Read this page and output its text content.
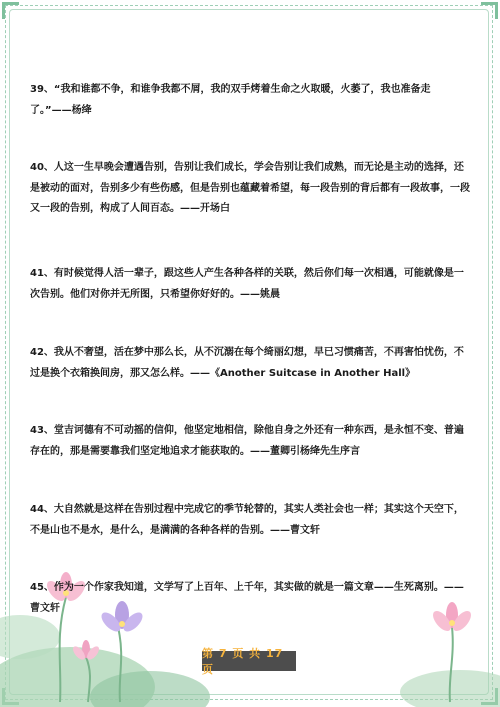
39、“我和谁都不争，和谁争我都不屑，我的双手烤着生命之火取暖，火萎了，我也准备走了。”——杨绛
40、人这一生早晚会遭遇告别，告别让我们成长，学会告别让我们成熟，而无论是主动的选择，还是被动的面对，告别多少有些伤感，但是告别也蕴藏着希望，每一段告别的背后都有一段故事，一段又一段的告别，构成了人间百态。——开场白
41、有时候觉得人活一辈子，跟这些人产生各种各样的关联，然后你们每一次相遇，可能就像是一次告别。他们对你并无所图，只希望你好好的。——姚晨
42、我从不奢望，活在梦中那么长，从不沉溺在每个绮丽幻想，早已习惯痛苦，不再害怕忧伤，不过是换个衣箱换间房，那又怎么样。——《Another Suitcase in Another Hall》
43、堂吉诃德有不可动摇的信仰，他坚定地相信，除他自身之外还有一种东西，是永恒不变、普遍存在的，那是需要靠我们坚定地追求才能获取的。——董卿引杨绛先生序言
44、大自然就是这样在告别过程中完成它的季节轮替的，其实人类社会也一样；其实这个天空下，不是山也不是水，是什么，是满满的各种各样的告别。——曹文轩
45、作为一个作家我知道，文学写了上百年、上千年，其实做的就是一篇文章——生死离别。——曹文轩
第 7 页 共 17 页
